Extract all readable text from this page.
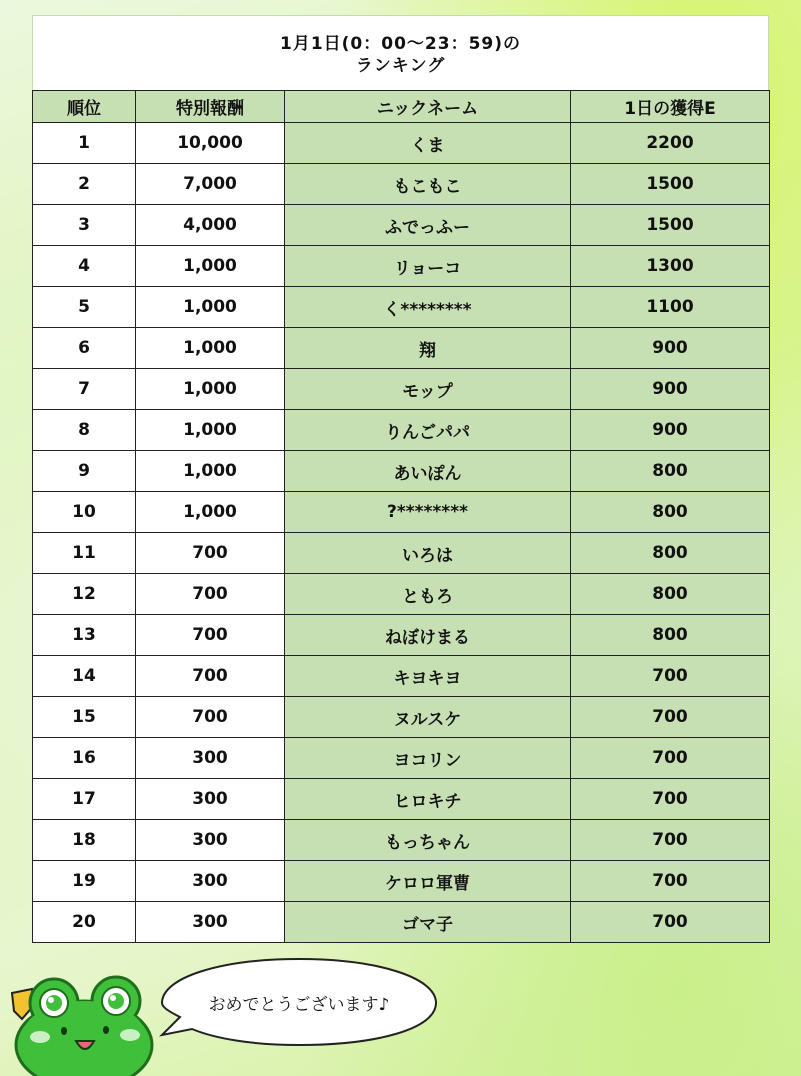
1月1日(0：00～23：59)の
ランキング
順位	特別報酬	ニックネーム	1日の獲得E
1	10,000	くま	2200
2	7,000	もこもこ	1500
3	4,000	ふでっふー	1500
4	1,000	リョーコ	1300
5	1,000	く********	1100
6	1,000	翔	900
7	1,000	モップ	900
8	1,000	りんごパパ	900
9	1,000	あいぽん	800
10	1,000	?********	800
11	700	いろは	800
12	700	ともろ	800
13	700	ねぼけまる	800
14	700	キヨキヨ	700
15	700	ヌルスケ	700
16	300	ヨコリン	700
17	300	ヒロキチ	700
18	300	もっちゃん	700
19	300	ケロロ軍曹	700
20	300	ゴマ子	700
おめでとうございます♪
